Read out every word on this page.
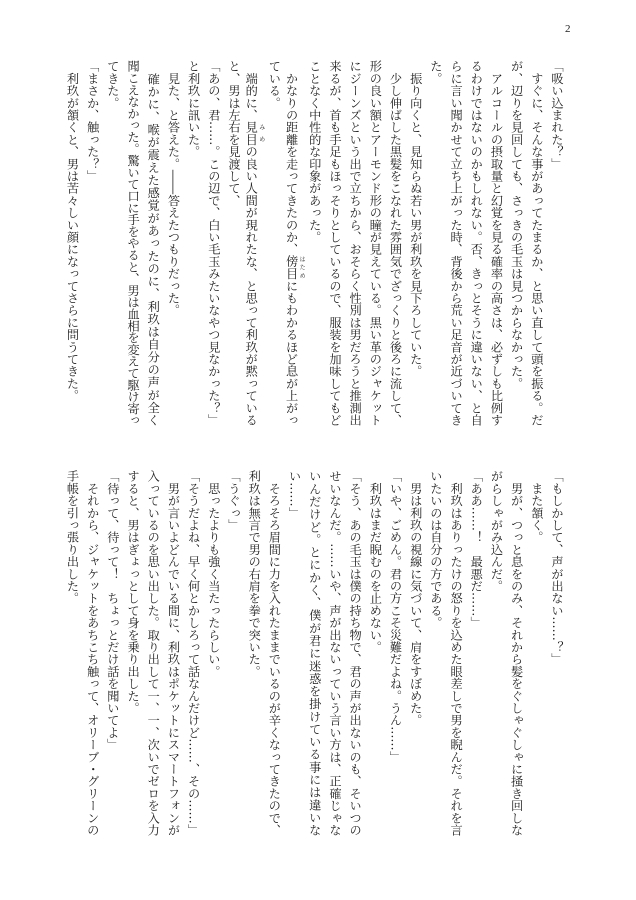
2
「吸い込まれた？」
　すぐに、そんな事があってたまるか、と思い直して頭を振る。だ
が、辺りを見回しても、さっきの毛玉は見つからなかった。
　アルコールの摂取量と幻覚を見る確率の高さは、必ずしも比例す
るわけではないのかもしれない。否、きっとそうに違いない、と自
らに言い聞かせて立ち上がった時、背後から荒い足音が近づいてき
た。
　振り向くと、見知らぬ若い男が利玖を見下ろしていた。
　少し伸ばした黒髪をこなれた雰囲気でざっくりと後ろに流して、
形の良い額とアーモンド形の瞳が見えている。黒い革のジャケット
にジーンズという出で立ちから、おそらく性別は男だろうと推測出
来るが、首も手足もほっそりとしているので、服装を加味してもど
ことなく中性的な印象があった。
　かなりの距離を走ってきたのか、傍目 はためにもわかるほど息が上がっ
ている。
　端的に、見目 みめの良い人間が現れたな、と思って利玖が黙っている
と、男は左右を見渡して、
「あの、君……。この辺で、白い毛玉みたいなやつ見なかった？」
と利玖に訊いた。
　見た、と答えた。――答えたつもりだった。
　確かに、喉が震えた感覚があったのに、利玖は自分の声が全く
聞こえなかった。驚いて口に手をやると、男は血相を変えて駆け寄っ
てきた。
「まさか、触った？」
　利玖が頷くと、男は苦々しい顔になってさらに問うてきた。
「もしかして、声が出ない……？」
　また頷く。
　男が、つっと息をのみ、それから髪をぐしゃぐしゃに掻き回しな
がらしゃがみ込んだ。
「ああ……！　最悪だ……」
　利玖はありったけの怒りを込めた眼差しで男を睨んだ。それを言
いたいのは自分の方である。
　男は利玖の視線に気づいて、肩をすぼめた。
「いや、ごめん。君の方こそ災難だよね。うん……」
　利玖はまだ睨むのを止めない。
「そう、あの毛玉は僕の持ち物で、君の声が出ないのも、そいつの
せいなんだ。……いや、声が出ないっていう言い方は、正確じゃな
いんだけど。とにかく、僕が君に迷惑を掛けている事には違いな
い……」
　そろそろ眉間に力を入れたままでいるのが辛くなってきたので、
利玖は無言で男の右肩を拳で突いた。
「うぐっ」
　思ったよりも強く当たったらしい。
「そうだよね、早く何とかしろって話なんだけど……、その……」
　男が言いよどんでいる間に、利玖はポケットにスマートフォンが
入っているのを思い出した。取り出して一、一、次いでゼロを入力
すると、男はぎょっとして身を乗り出した。
「待って、待って！　ちょっとだけ話を聞いてよ」
　それから、ジャケットをあちこち触って、オリーブ・グリーンの
手帳を引っ張り出した。
